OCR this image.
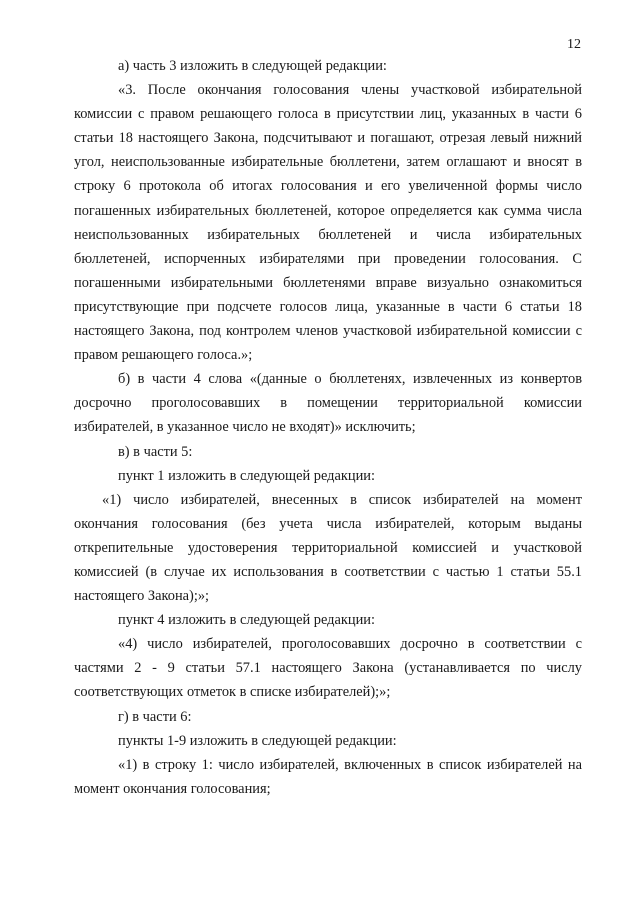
12

а) часть 3 изложить в следующей редакции:

«3. После окончания голосования члены участковой избирательной комиссии с правом решающего голоса в присутствии лиц, указанных в части 6 статьи 18 настоящего Закона, подсчитывают и погашают, отрезая левый нижний угол, неиспользованные избирательные бюллетени, затем оглашают и вносят в строку 6 протокола об итогах голосования и его увеличенной формы число погашенных избирательных бюллетеней, которое определяется как сумма числа неиспользованных избирательных бюллетеней и числа избирательных бюллетеней, испорченных избирателями при проведении голосования. С погашенными избирательными бюллетенями вправе визуально ознакомиться присутствующие при подсчете голосов лица, указанные в части 6 статьи 18 настоящего Закона, под контролем членов участковой избирательной комиссии с правом решающего голоса.»;

б) в части 4 слова «(данные о бюллетенях, извлеченных из конвертов досрочно проголосовавших в помещении территориальной комиссии избирателей, в указанное число не входят)» исключить;

в) в части 5:

пункт 1 изложить в следующей редакции:

«1) число избирателей, внесенных в список избирателей на момент окончания голосования (без учета числа избирателей, которым выданы открепительные удостоверения территориальной комиссией и участковой комиссией (в случае их использования в соответствии с частью 1 статьи 55.1 настоящего Закона);»;

пункт 4 изложить в следующей редакции:

«4) число избирателей, проголосовавших досрочно в соответствии с частями 2 - 9 статьи 57.1 настоящего Закона (устанавливается по числу соответствующих отметок в списке избирателей);»;

г) в части 6:

пункты 1-9 изложить в следующей редакции:

«1) в строку 1: число избирателей, включенных в список избирателей на момент окончания голосования;
